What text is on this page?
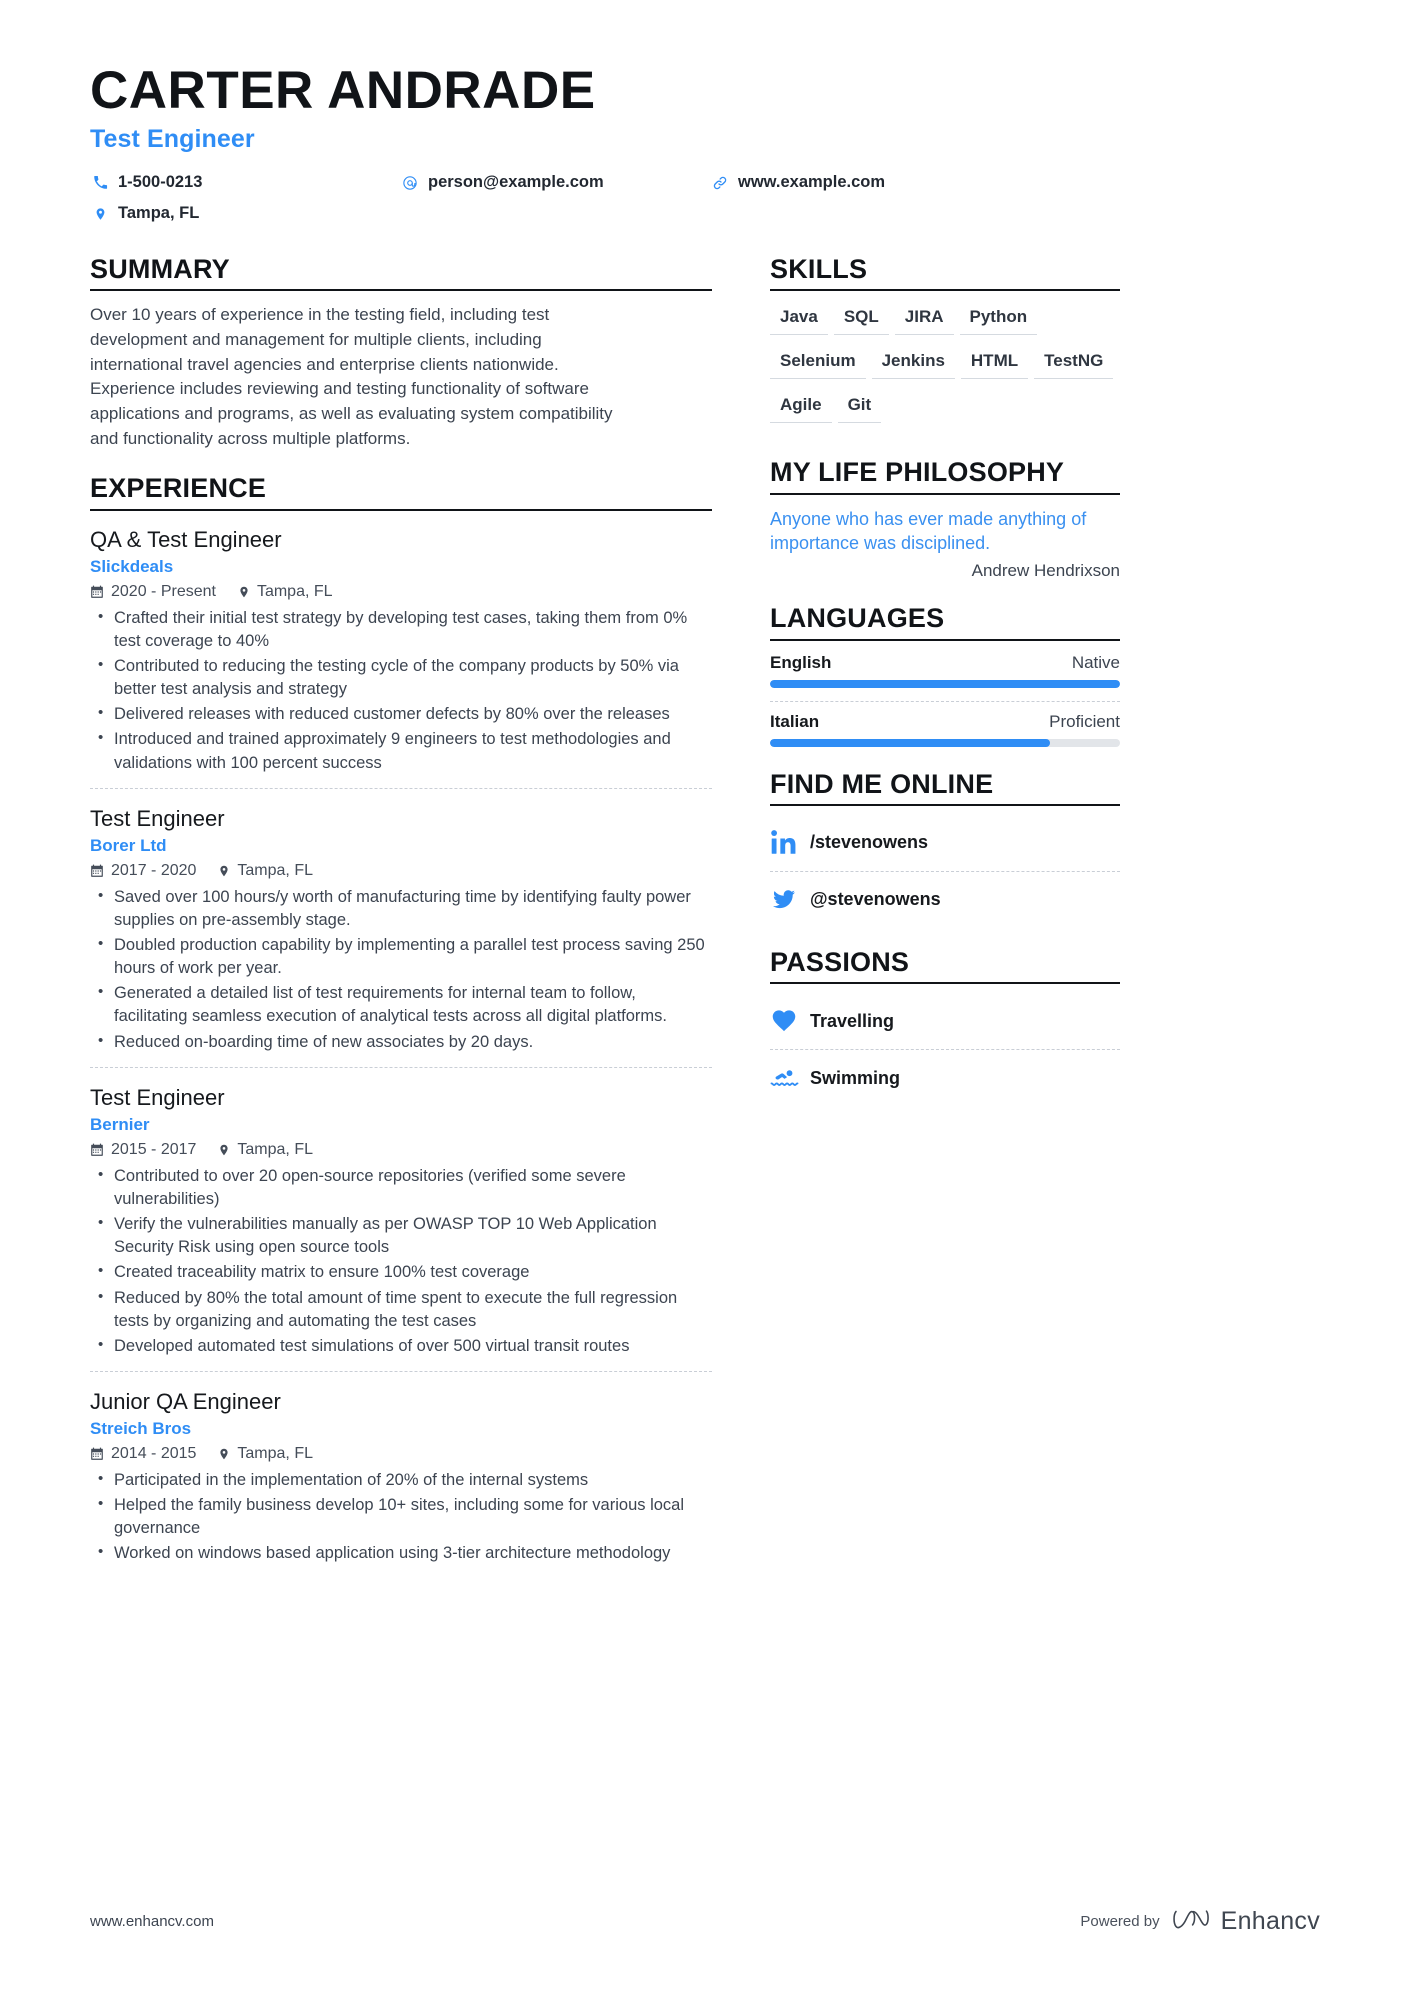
CARTER ANDRADE
Test Engineer
1-500-0213	person@example.com	www.example.com
Tampa, FL
SUMMARY

Over 10 years of experience in the testing field, including test development and management for multiple clients, including international travel agencies and enterprise clients nationwide. Experience includes reviewing and testing functionality of software applications and programs, as well as evaluating system compatibility and functionality across multiple platforms.

EXPERIENCE
QA & Test Engineer
Slickdeals
2020 - Present	Tampa, FL
• Crafted their initial test strategy by developing test cases, taking them from 0% test coverage to 40%
• Contributed to reducing the testing cycle of the company products by 50% via better test analysis and strategy
• Delivered releases with reduced customer defects by 80% over the releases
• Introduced and trained approximately 9 engineers to test methodologies and validations with 100 percent success
Test Engineer
Borer Ltd
2017 - 2020	Tampa, FL
• Saved over 100 hours/y worth of manufacturing time by identifying faulty power supplies on pre-assembly stage.
• Doubled production capability by implementing a parallel test process saving 250 hours of work per year.
• Generated a detailed list of test requirements for internal team to follow, facilitating seamless execution of analytical tests across all digital platforms.
• Reduced on-boarding time of new associates by 20 days.
Test Engineer
Bernier
2015 - 2017	Tampa, FL
• Contributed to over 20 open-source repositories (verified some severe vulnerabilities)
• Verify the vulnerabilities manually as per OWASP TOP 10 Web Application Security Risk using open source tools
• Created traceability matrix to ensure 100% test coverage
• Reduced by 80% the total amount of time spent to execute the full regression tests by organizing and automating the test cases
• Developed automated test simulations of over 500 virtual transit routes
Junior QA Engineer
Streich Bros
2014 - 2015	Tampa, FL
• Participated in the implementation of 20% of the internal systems
• Helped the family business develop 10+ sites, including some for various local governance
• Worked on windows based application using 3-tier architecture methodology
SKILLS
Java	SQL	JIRA	Python
Selenium	Jenkins	HTML	TestNG
Agile	Git
MY LIFE PHILOSOPHY

Anyone who has ever made anything of importance was disciplined.

Andrew Hendrixson

LANGUAGES
English	Native
Italian	Proficient
FIND ME ONLINE
/stevenowens
@stevenowens
PASSIONS
Travelling
Swimming
www.enhancv.com	Powered by Enhancv
